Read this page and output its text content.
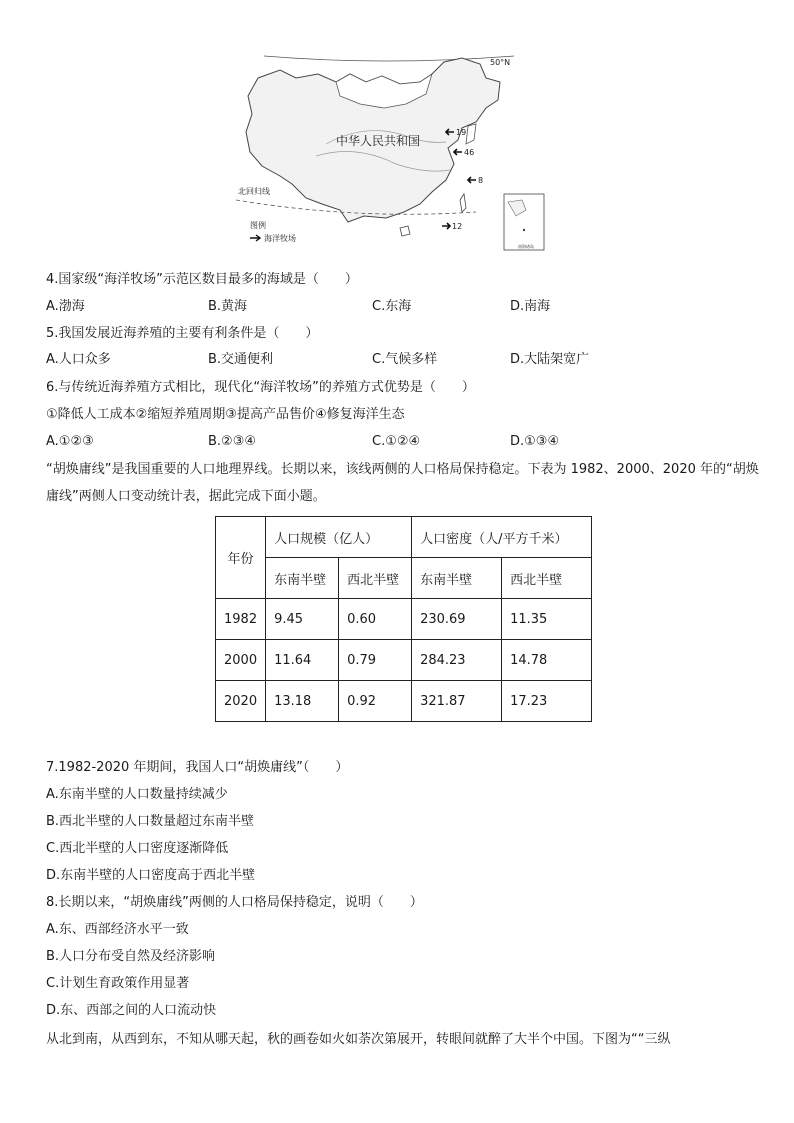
50°N
中华人民共和国
北回归线
图例
海洋牧场
19
46
8
12
南海诸岛
4.国家级“海洋牧场”示范区数目最多的海域是（　　）
A.渤海	B.黄海	C.东海	D.南海
5.我国发展近海养殖的主要有利条件是（　　）
A.人口众多	B.交通便利	C.气候多样	D.大陆架宽广
6.与传统近海养殖方式相比，现代化“海洋牧场”的养殖方式优势是（　　）
①降低人工成本②缩短养殖周期③提高产品售价④修复海洋生态
A.①②③	B.②③④	C.①②④	D.①③④
“胡焕庸线”是我国重要的人口地理界线。长期以来，该线两侧的人口格局保持稳定。下表为 1982、2000、2020 年的“胡焕庸线”两侧人口变动统计表，据此完成下面小题。
年份	人口规模（亿人）		人口密度（人/平方千米）	
	东南半壁	西北半壁	东南半壁	西北半壁
1982	9.45	0.60	230.69	11.35
2000	11.64	0.79	284.23	14.78
2020	13.18	0.92	321.87	17.23
7.1982-2020 年期间，我国人口“胡焕庸线”（　　）
A.东南半壁的人口数量持续减少
B.西北半壁的人口数量超过东南半壁
C.西北半壁的人口密度逐渐降低
D.东南半壁的人口密度高于西北半壁
8.长期以来，“胡焕庸线”两侧的人口格局保持稳定，说明（　　）
A.东、西部经济水平一致
B.人口分布受自然及经济影响
C.计划生育政策作用显著
D.东、西部之间的人口流动快
从北到南，从西到东，不知从哪天起，秋的画卷如火如荼次第展开，转眼间就醉了大半个中国。下图为““三纵
